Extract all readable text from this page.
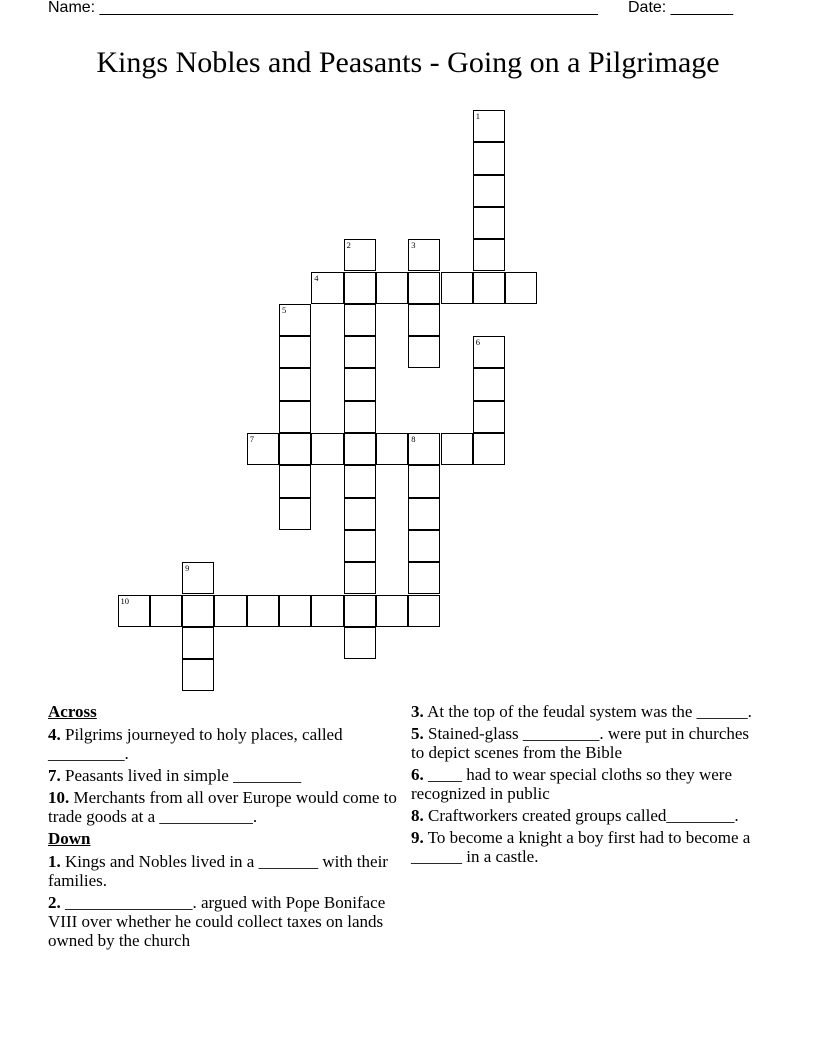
Name: ________________________________________________________ Date: _______
Kings Nobles and Peasants - Going on a Pilgrimage
1
2	3
4
5
6
7	8
9
10
Across
4. Pilgrims journeyed to holy places, called _________.
7. Peasants lived in simple ________
10. Merchants from all over Europe would come to trade goods at a ___________.
Down
1. Kings and Nobles lived in a _______ with their families.
2. _______________. argued with Pope Boniface VIII over whether he could collect taxes on lands owned by the church
3. At the top of the feudal system was the ______.
5. Stained-glass _________. were put in churches to depict scenes from the Bible
6. ____ had to wear special cloths so they were recognized in public
8. Craftworkers created groups called________.
9. To become a knight a boy first had to become a ______ in a castle.
